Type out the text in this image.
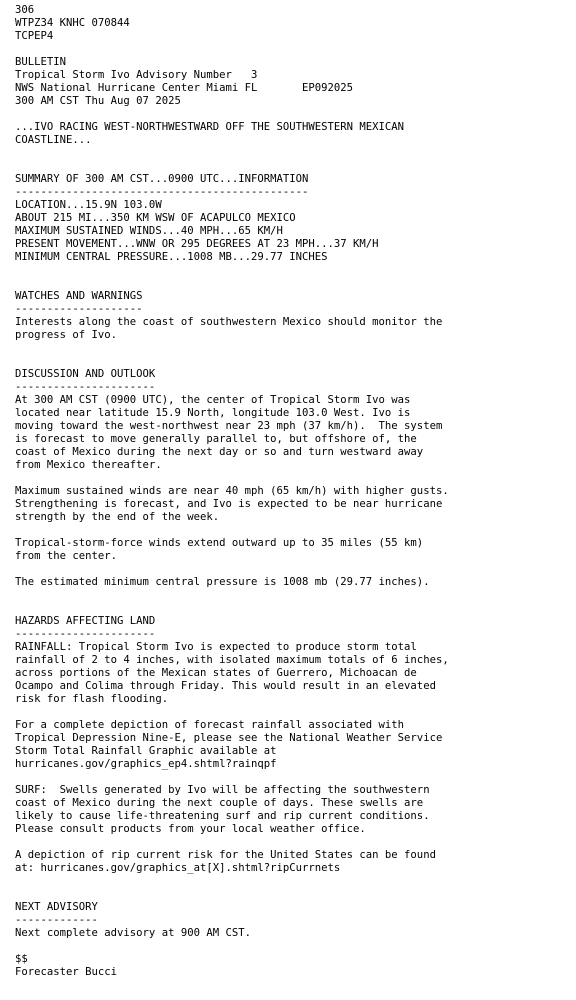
306
WTPZ34 KNHC 070844
TCPEP4
BULLETIN
Tropical Storm Ivo Advisory Number   3
NWS National Hurricane Center Miami FL       EP092025
300 AM CST Thu Aug 07 2025
...IVO RACING WEST-NORTHWESTWARD OFF THE SOUTHWESTERN MEXICAN
COASTLINE...
SUMMARY OF 300 AM CST...0900 UTC...INFORMATION
----------------------------------------------
LOCATION...15.9N 103.0W
ABOUT 215 MI...350 KM WSW OF ACAPULCO MEXICO
MAXIMUM SUSTAINED WINDS...40 MPH...65 KM/H
PRESENT MOVEMENT...WNW OR 295 DEGREES AT 23 MPH...37 KM/H
MINIMUM CENTRAL PRESSURE...1008 MB...29.77 INCHES
WATCHES AND WARNINGS
--------------------
Interests along the coast of southwestern Mexico should monitor the
progress of Ivo.
DISCUSSION AND OUTLOOK
----------------------
At 300 AM CST (0900 UTC), the center of Tropical Storm Ivo was
located near latitude 15.9 North, longitude 103.0 West. Ivo is
moving toward the west-northwest near 23 mph (37 km/h).  The system
is forecast to move generally parallel to, but offshore of, the
coast of Mexico during the next day or so and turn westward away
from Mexico thereafter.
Maximum sustained winds are near 40 mph (65 km/h) with higher gusts.
Strengthening is forecast, and Ivo is expected to be near hurricane
strength by the end of the week.
Tropical-storm-force winds extend outward up to 35 miles (55 km)
from the center.
The estimated minimum central pressure is 1008 mb (29.77 inches).
HAZARDS AFFECTING LAND
----------------------
RAINFALL: Tropical Storm Ivo is expected to produce storm total
rainfall of 2 to 4 inches, with isolated maximum totals of 6 inches,
across portions of the Mexican states of Guerrero, Michoacan de
Ocampo and Colima through Friday. This would result in an elevated
risk for flash flooding.
For a complete depiction of forecast rainfall associated with
Tropical Depression Nine-E, please see the National Weather Service
Storm Total Rainfall Graphic available at
hurricanes.gov/graphics_ep4.shtml?rainqpf
SURF:  Swells generated by Ivo will be affecting the southwestern
coast of Mexico during the next couple of days. These swells are
likely to cause life-threatening surf and rip current conditions.
Please consult products from your local weather office.
A depiction of rip current risk for the United States can be found
at: hurricanes.gov/graphics_at[X].shtml?ripCurrnets
NEXT ADVISORY
-------------
Next complete advisory at 900 AM CST.
$$
Forecaster Bucci
